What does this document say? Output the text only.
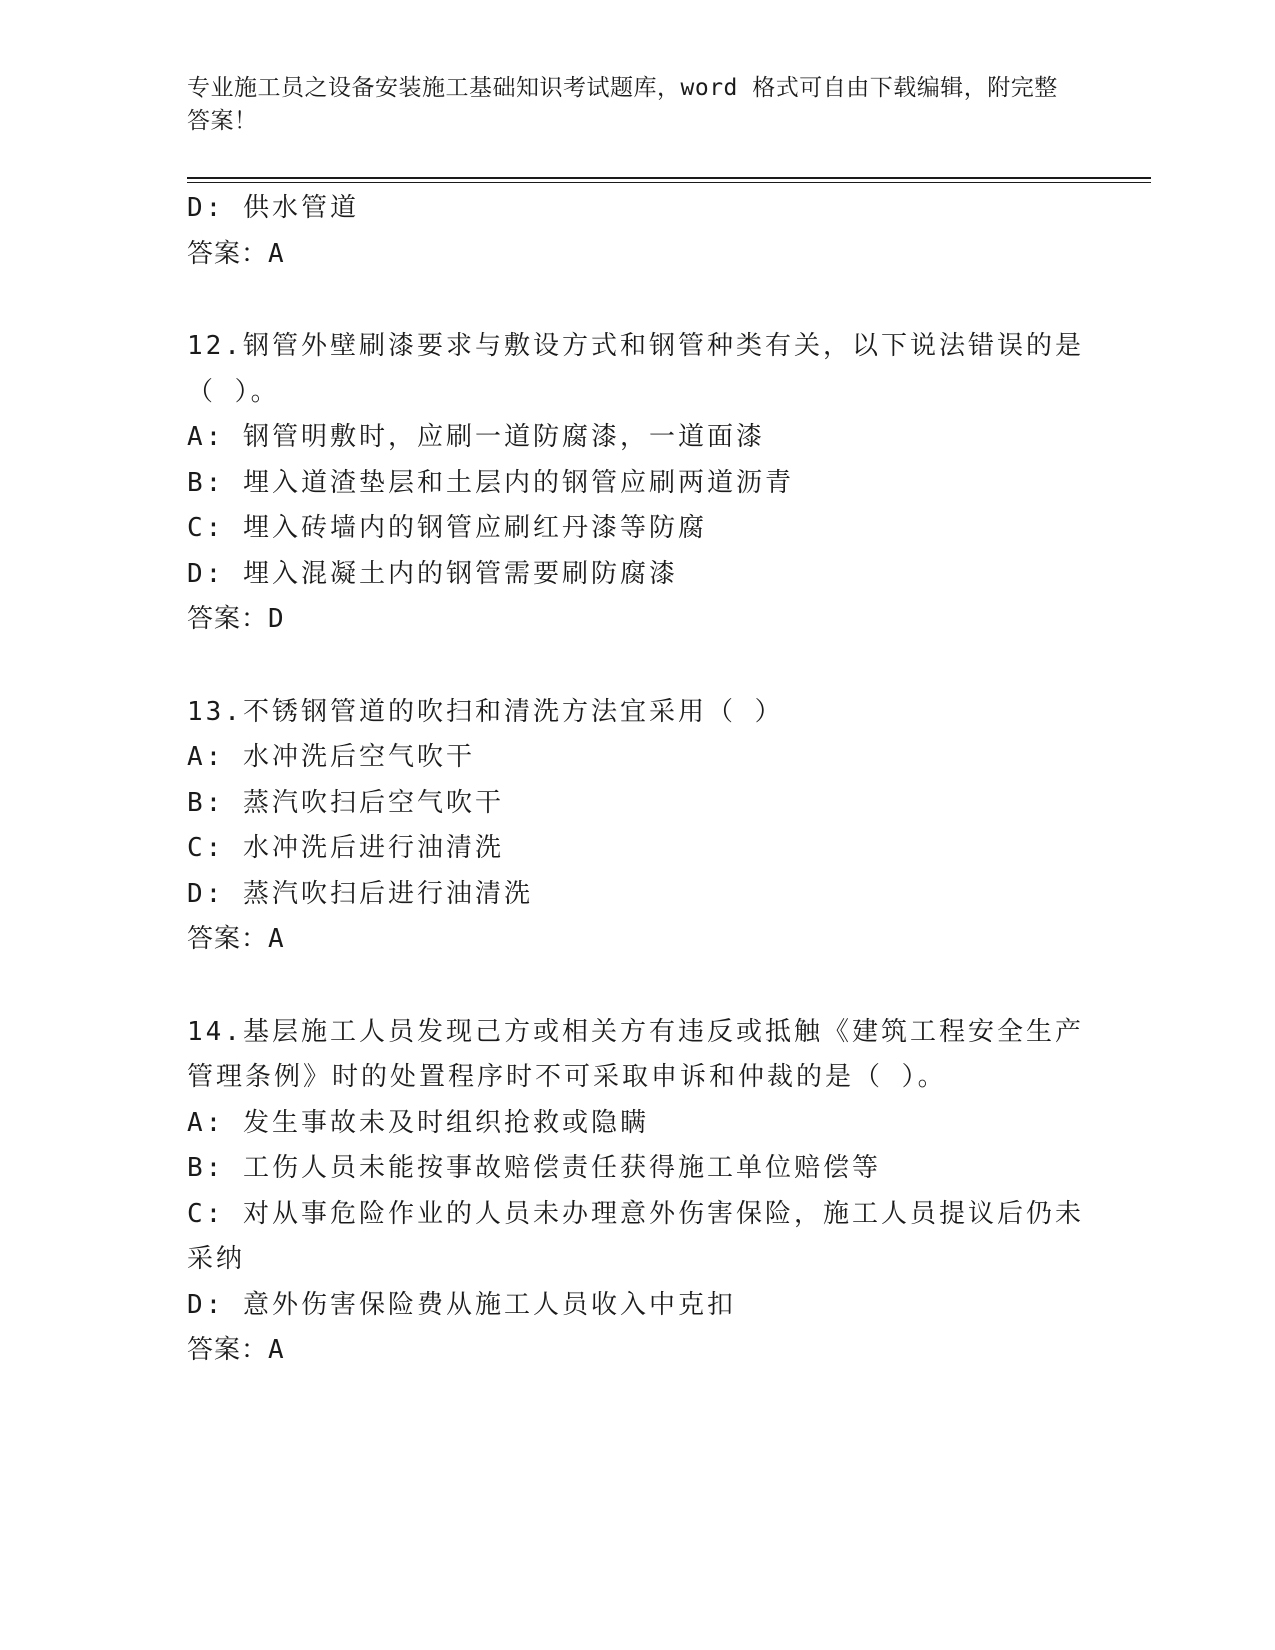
专业施工员之设备安装施工基础知识考试题库，word 格式可自由下载编辑，附完整答案！
D: 供水管道
答案：A
12.钢管外壁刷漆要求与敷设方式和钢管种类有关，以下说法错误的是（ ）。
A: 钢管明敷时，应刷一道防腐漆，一道面漆
B: 埋入道渣垫层和土层内的钢管应刷两道沥青
C: 埋入砖墙内的钢管应刷红丹漆等防腐
D: 埋入混凝土内的钢管需要刷防腐漆
答案：D
13.不锈钢管道的吹扫和清洗方法宜采用（ ）
A: 水冲洗后空气吹干
B: 蒸汽吹扫后空气吹干
C: 水冲洗后进行油清洗
D: 蒸汽吹扫后进行油清洗
答案：A
14.基层施工人员发现己方或相关方有违反或抵触《建筑工程安全生产管理条例》时的处置程序时不可采取申诉和仲裁的是（ ）。
A: 发生事故未及时组织抢救或隐瞒
B: 工伤人员未能按事故赔偿责任获得施工单位赔偿等
C: 对从事危险作业的人员未办理意外伤害保险，施工人员提议后仍未采纳
D: 意外伤害保险费从施工人员收入中克扣
答案：A
